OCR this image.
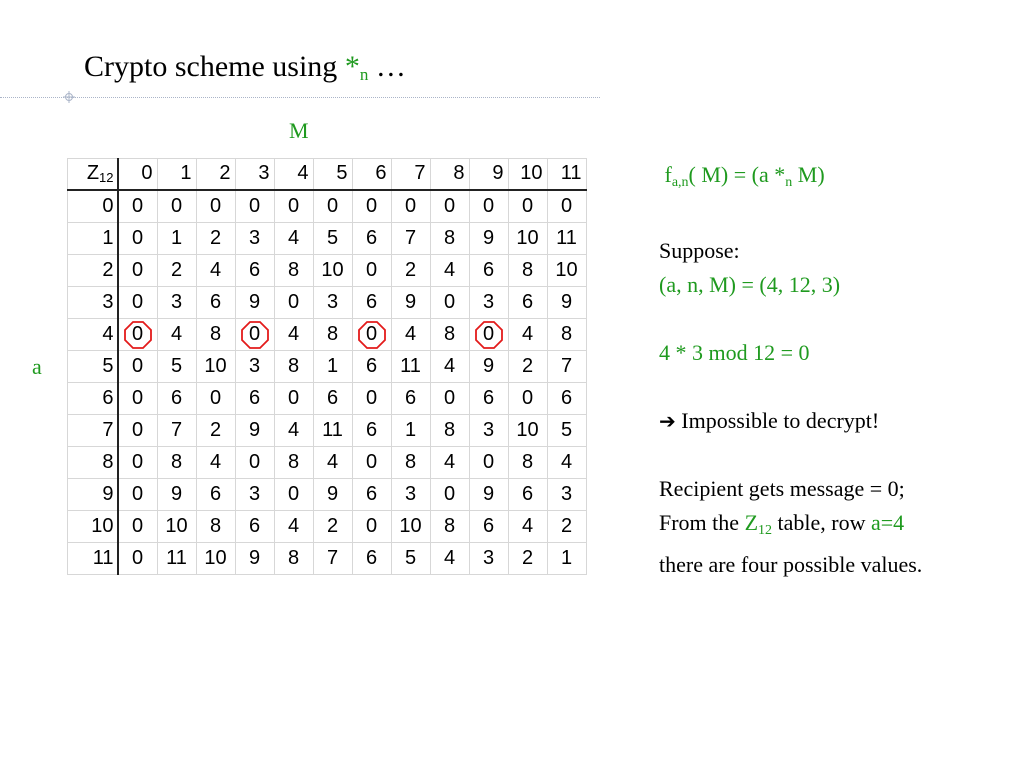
Crypto scheme using $*_n$ …
M
a
$Z_{12}$	0	1	2	3	4	5	6	7	8	9	10	11
0	0	0	0	0	0	0	0	0	0	0	0	0
1	0	1	2	3	4	5	6	7	8	9	10	11
2	0	2	4	6	8	10	0	2	4	6	8	10
3	0	3	6	9	0	3	6	9	0	3	6	9
4	0	4	8	0	4	8	0	4	8	0	4	8
5	0	5	10	3	8	1	6	11	4	9	2	7
6	0	6	0	6	0	6	0	6	0	6	0	6
7	0	7	2	9	4	11	6	1	8	3	10	5
8	0	8	4	0	8	4	0	8	4	0	8	4
9	0	9	6	3	0	9	6	3	0	9	6	3
10	0	10	8	6	4	2	0	10	8	6	4	2
11	0	11	10	9	8	7	6	5	4	3	2	1
$f_{a,n}$( M) = (a $*_n$ M)
Suppose:
(a, n, M) = (4, 12, 3)
4 * 3 mod 12 = 0
➔ Impossible to decrypt!
Recipient gets message = 0;
From the $Z_{12}$ table, row a=4
there are four possible values.
